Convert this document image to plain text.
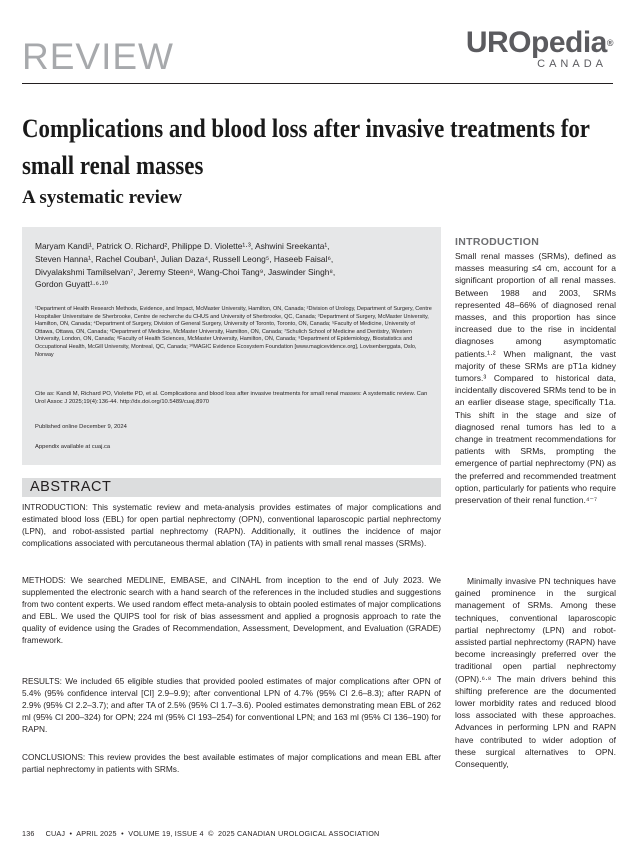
REVIEW	UROpedia®
CANADA
Complications and blood loss after invasive treatments for small renal masses
A systematic review
Maryam Kandi¹, Patrick O. Richard², Philippe D. Violette¹·³, Ashwini Sreekanta¹,
Steven Hanna¹, Rachel Couban¹, Julian Daza⁴, Russell Leong⁵, Haseeb Faisal⁶,
Divyalakshmi Tamilselvan⁷, Jeremy Steen⁸, Wang-Choi Tang⁹, Jaswinder Singh⁸,
Gordon Guyatt¹·⁶·¹⁰
¹Department of Health Research Methods, Evidence, and Impact, McMaster University, Hamilton, ON, Canada; ²Division of Urology, Department of Surgery, Centre Hospitalier Universitaire de Sherbrooke, Centre de recherche du CHUS and University of Sherbrooke, QC, Canada; ³Department of Surgery, McMaster University, Hamilton, ON, Canada; ⁴Department of Surgery, Division of General Surgery, University of Toronto, Toronto, ON, Canada; ⁵Faculty of Medicine, University of Ottawa, Ottawa, ON, Canada; ⁶Department of Medicine, McMaster University, Hamilton, ON, Canada; ⁷Schulich School of Medicine and Dentistry, Western University, London, ON, Canada; ⁸Faculty of Health Sciences, McMaster University, Hamilton, ON, Canada; ⁹Department of Epidemiology, Biostatistics and Occupational Health, McGill University, Montreal, QC, Canada; ¹⁰MAGIC Evidence Ecosystem Foundation [www.magicevidence.org], Lovisenberggata, Oslo, Norway
Cite as: Kandi M, Richard PO, Violette PD, et al. Complications and blood loss after invasive treatments for small renal masses: A systematic review. Can Urol Assoc J 2025;19(4):136-44. http://dx.doi.org/10.5489/cuaj.8970
Published online December 9, 2024
Appendix available at cuaj.ca
ABSTRACT
INTRODUCTION: This systematic review and meta-analysis provides estimates of major complications and estimated blood loss (EBL) for open partial nephrectomy (OPN), conventional laparoscopic partial nephrectomy (LPN), and robot-assisted partial nephrectomy (RAPN). Additionally, it outlines the incidence of major complications associated with percutaneous thermal ablation (TA) in patients with small renal masses (SRMs).
METHODS: We searched MEDLINE, EMBASE, and CINAHL from inception to the end of July 2023. We supplemented the electronic search with a hand search of the references in the included studies and suggestions from two content experts. We used random effect meta-analysis to obtain pooled estimates of major complications and EBL. We used the QUIPS tool for risk of bias assessment and applied a prognosis approach to rate the quality of evidence using the Grades of Recommendation, Assessment, Development, and Evaluation (GRADE) framework.
RESULTS: We included 65 eligible studies that provided pooled estimates of major complications after OPN of 5.4% (95% confidence interval [CI] 2.9–9.9); after conventional LPN of 4.7% (95% CI 2.6–8.3); after RAPN of 2.9% (95% CI 2.2–3.7); and after TA of 2.5% (95% CI 1.7–3.6). Pooled estimates demonstrating mean EBL of 262 ml (95% CI 200–324) for OPN; 224 ml (95% CI 193–254) for conventional LPN; and 163 ml (95% CI 136–190) for RAPN.
CONCLUSIONS: This review provides the best available estimates of major complications and mean EBL after partial nephrectomy in patients with SRMs.
INTRODUCTION
Small renal masses (SRMs), defined as masses measuring ≤4 cm, account for a significant proportion of all renal masses. Between 1988 and 2003, SRMs represented 48–66% of diagnosed renal masses, and this proportion has since increased due to the rise in incidental diagnoses among asymptomatic patients.¹·² When malignant, the vast majority of these SRMs are pT1a kidney tumors.³ Compared to historical data, incidentally discovered SRMs tend to be in an earlier disease stage, specifically T1a. This shift in the stage and size of diagnosed renal tumors has led to a change in treatment recommendations for patients with SRMs, prompting the emergence of partial nephrectomy (PN) as the preferred and recommended treatment option, particularly for patients who require preservation of their renal function.⁴⁻⁷
Minimally invasive PN techniques have gained prominence in the surgical management of SRMs. Among these techniques, conventional laparoscopic partial nephrectomy (LPN) and robot-assisted partial nephrectomy (RAPN) have become increasingly preferred over the traditional open partial nephrectomy (OPN).⁶·⁸ The main drivers behind this shifting preference are the documented lower morbidity rates and reduced blood loss associated with these approaches. Advances in performing LPN and RAPN have contributed to wider adoption of these surgical alternatives to OPN. Consequently,
136     CUAJ  •  APRIL 2025  •  VOLUME 19, ISSUE 4  ©  2025 CANADIAN UROLOGICAL ASSOCIATION
